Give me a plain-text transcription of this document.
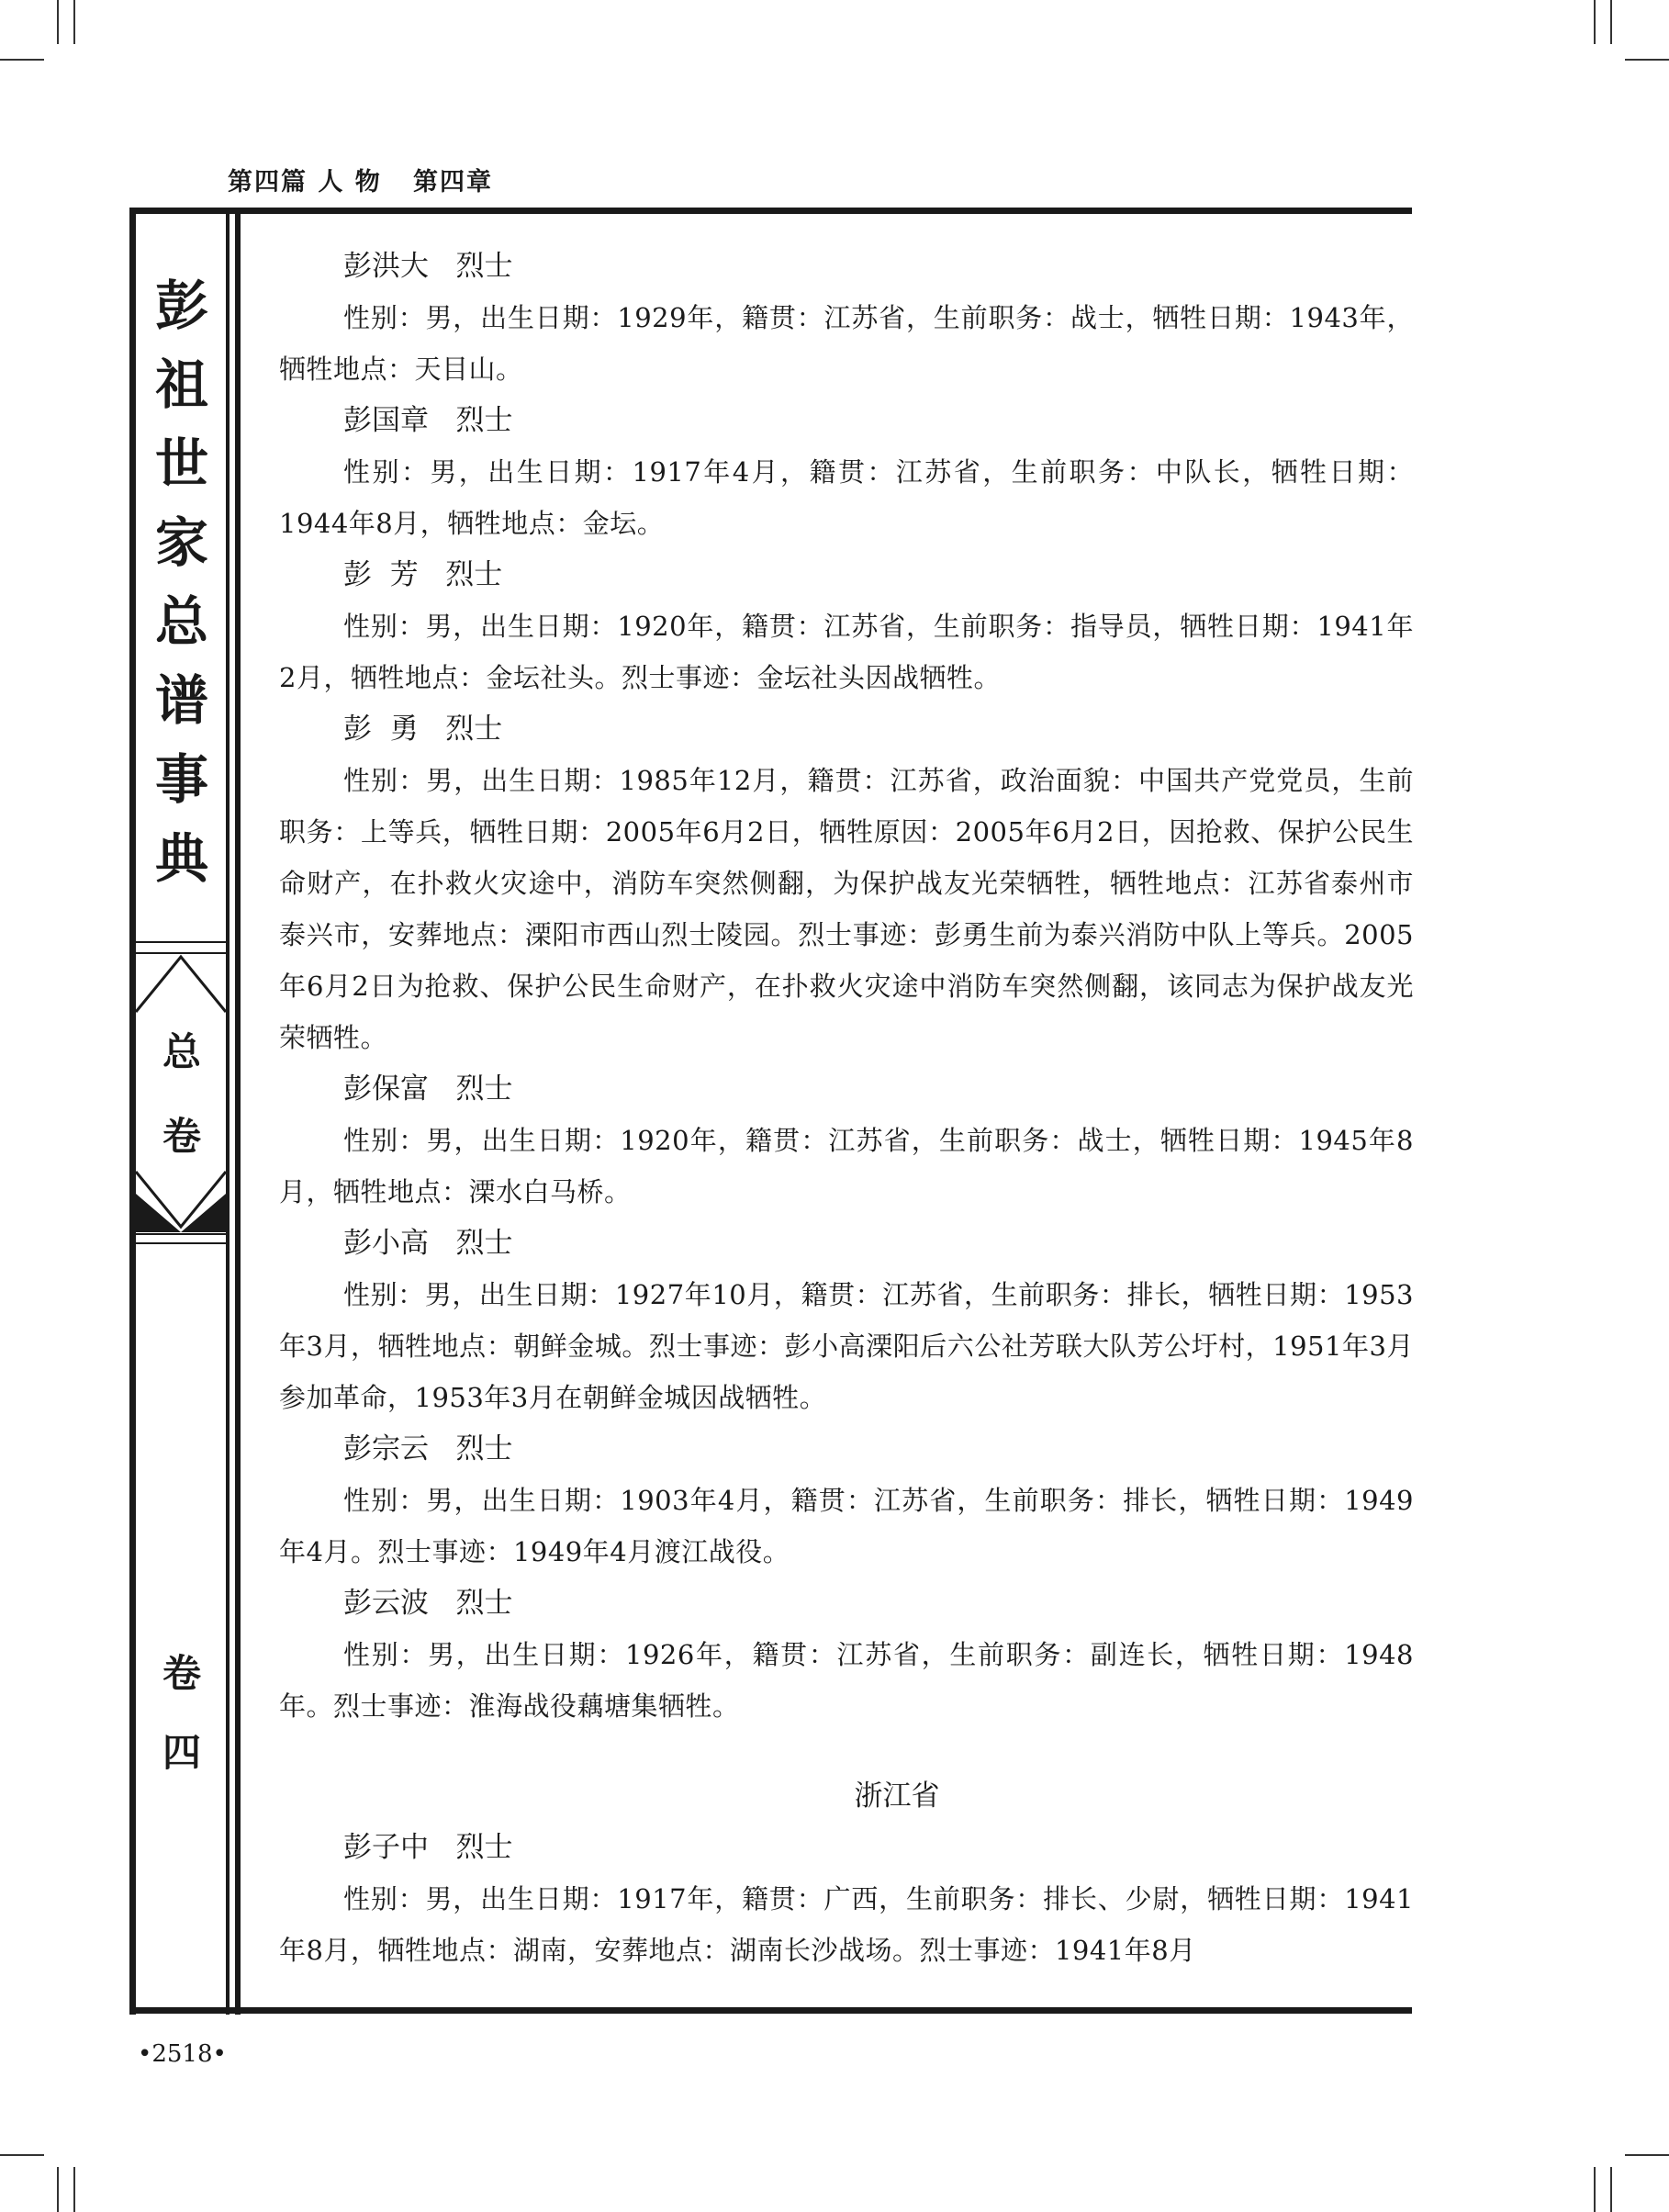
第四篇 人 物   第四章
彭
祖
世
家
总
谱
事
典
总
卷
卷
四
彭洪大   烈士
性别：男，出生日期：1929年，籍贯：江苏省，生前职务：战士，牺牲日期：1943年，牺牲地点：天目山。
彭国章   烈士
性别：男，出生日期：1917年4月，籍贯：江苏省，生前职务：中队长，牺牲日期：1944年8月，牺牲地点：金坛。
彭  芳   烈士
性别：男，出生日期：1920年，籍贯：江苏省，生前职务：指导员，牺牲日期：1941年2月，牺牲地点：金坛社头。烈士事迹：金坛社头因战牺牲。
彭  勇   烈士
性别：男，出生日期：1985年12月，籍贯：江苏省，政治面貌：中国共产党党员，生前职务：上等兵，牺牲日期：2005年6月2日，牺牲原因：2005年6月2日，因抢救、保护公民生命财产，在扑救火灾途中，消防车突然侧翻，为保护战友光荣牺牲，牺牲地点：江苏省泰州市泰兴市，安葬地点：溧阳市西山烈士陵园。烈士事迹：彭勇生前为泰兴消防中队上等兵。2005年6月2日为抢救、保护公民生命财产，在扑救火灾途中消防车突然侧翻，该同志为保护战友光荣牺牲。
彭保富   烈士
性别：男，出生日期：1920年，籍贯：江苏省，生前职务：战士，牺牲日期：1945年8月，牺牲地点：溧水白马桥。
彭小高   烈士
性别：男，出生日期：1927年10月，籍贯：江苏省，生前职务：排长，牺牲日期：1953年3月，牺牲地点：朝鲜金城。烈士事迹：彭小高溧阳后六公社芳联大队芳公圩村，1951年3月参加革命，1953年3月在朝鲜金城因战牺牲。
彭宗云   烈士
性别：男，出生日期：1903年4月，籍贯：江苏省，生前职务：排长，牺牲日期：1949年4月。烈士事迹：1949年4月渡江战役。
彭云波   烈士
性别：男，出生日期：1926年，籍贯：江苏省，生前职务：副连长，牺牲日期：1948年。烈士事迹：淮海战役藕塘集牺牲。
浙江省
彭子中   烈士
性别：男，出生日期：1917年，籍贯：广西，生前职务：排长、少尉，牺牲日期：1941年8月，牺牲地点：湖南，安葬地点：湖南长沙战场。烈士事迹：1941年8月
•2518•
